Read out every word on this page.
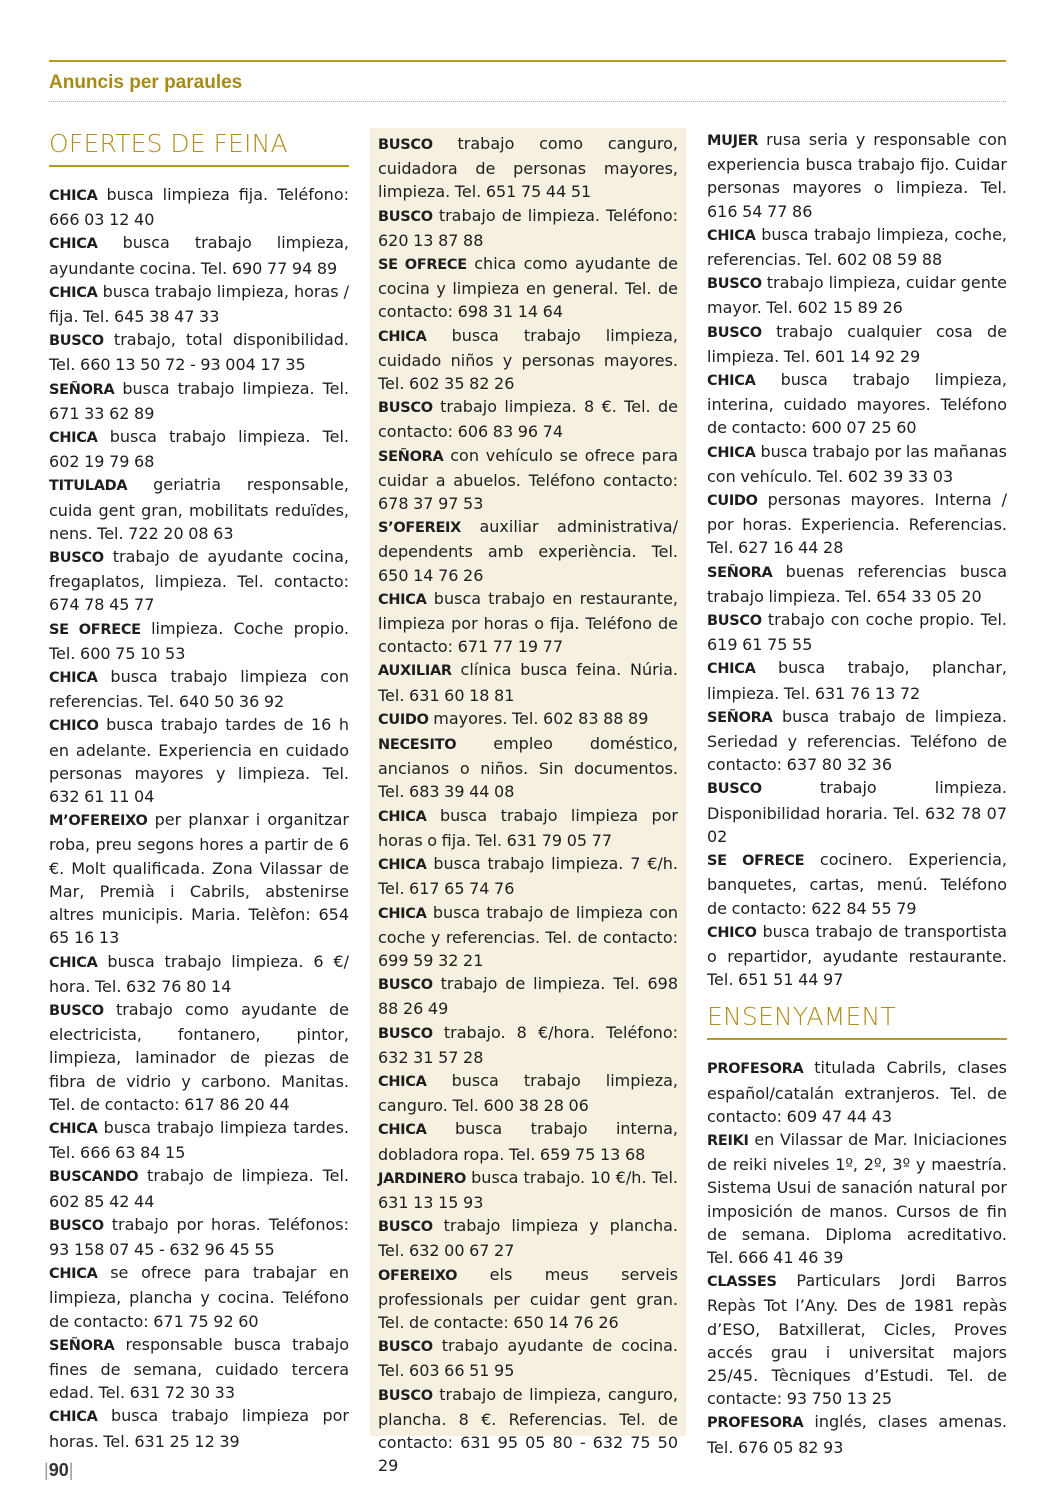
Anuncis per paraules
OFERTES DE FEINA

CHICA busca limpieza fija. Teléfono: 666 03 12 40

CHICA busca trabajo limpieza, ayundante cocina. Tel. 690 77 94 89

CHICA busca trabajo limpieza, horas / fija. Tel. 645 38 47 33

BUSCO trabajo, total disponibilidad. Tel. 660 13 50 72 - 93 004 17 35

SEÑORA busca trabajo limpieza. Tel. 671 33 62 89

CHICA busca trabajo limpieza. Tel. 602 19 79 68

TITULADA geriatria responsable, cuida gent gran, mobilitats reduïdes, nens. Tel. 722 20 08 63

BUSCO trabajo de ayudante cocina, fregaplatos, limpieza. Tel. contacto: 674 78 45 77

SE OFRECE limpieza. Coche propio. Tel. 600 75 10 53

CHICA busca trabajo limpieza con referencias. Tel. 640 50 36 92

CHICO busca trabajo tardes de 16 h en adelante. Experiencia en cuidado personas mayores y limpieza. Tel. 632 61 11 04

M’OFEREIXO per planxar i organitzar roba, preu segons hores a partir de 6 €. Molt qualificada. Zona Vilassar de Mar, Premià i Cabrils, abstenirse altres municipis. Maria. Telèfon: 654 65 16 13

CHICA busca trabajo limpieza. 6 €/ hora. Tel. 632 76 80 14

BUSCO trabajo como ayudante de electricista, fontanero, pintor, limpieza, laminador de piezas de fibra de vidrio y carbono. Manitas. Tel. de contacto: 617 86 20 44

CHICA busca trabajo limpieza tardes. Tel. 666 63 84 15

BUSCANDO trabajo de limpieza. Tel. 602 85 42 44

BUSCO trabajo por horas. Teléfonos: 93 158 07 45 - 632 96 45 55

CHICA se ofrece para trabajar en limpieza, plancha y cocina. Teléfono de contacto: 671 75 92 60

SEÑORA responsable busca trabajo fines de semana, cuidado tercera edad. Tel. 631 72 30 33

CHICA busca trabajo limpieza por horas. Tel. 631 25 12 39

BUSCO trabajo como canguro, cuidadora de personas mayores, limpieza. Tel. 651 75 44 51

BUSCO trabajo de limpieza. Teléfono: 620 13 87 88

SE OFRECE chica como ayudante de cocina y limpieza en general. Tel. de contacto: 698 31 14 64

CHICA busca trabajo limpieza, cuidado niños y personas mayores. Tel. 602 35 82 26

BUSCO trabajo limpieza. 8 €. Tel. de contacto: 606 83 96 74

SEÑORA con vehículo se ofrece para cuidar a abuelos. Teléfono contacto: 678 37 97 53

S’OFEREIX auxiliar administrativa/ dependents amb experiència. Tel. 650 14 76 26

CHICA busca trabajo en restaurante, limpieza por horas o fija. Teléfono de contacto: 671 77 19 77

AUXILIAR clínica busca feina. Núria. Tel. 631 60 18 81

CUIDO mayores. Tel. 602 83 88 89

NECESITO empleo doméstico, ancianos o niños. Sin documentos. Tel. 683 39 44 08

CHICA busca trabajo limpieza por horas o fija. Tel. 631 79 05 77

CHICA busca trabajo limpieza. 7 €/h. Tel. 617 65 74 76

CHICA busca trabajo de limpieza con coche y referencias. Tel. de contacto: 699 59 32 21

BUSCO trabajo de limpieza. Tel. 698 88 26 49

BUSCO trabajo. 8 €/hora. Teléfono: 632 31 57 28

CHICA busca trabajo limpieza, canguro. Tel. 600 38 28 06

CHICA busca trabajo interna, dobladora ropa. Tel. 659 75 13 68

JARDINERO busca trabajo. 10 €/h. Tel. 631 13 15 93

BUSCO trabajo limpieza y plancha. Tel. 632 00 67 27

OFEREIXO els meus serveis professionals per cuidar gent gran. Tel. de contacte: 650 14 76 26

BUSCO trabajo ayudante de cocina. Tel. 603 66 51 95

BUSCO trabajo de limpieza, canguro, plancha. 8 €. Referencias. Tel. de contacto: 631 95 05 80 - 632 75 50 29

MUJER rusa seria y responsable con experiencia busca trabajo fijo. Cuidar personas mayores o limpieza. Tel. 616 54 77 86

CHICA busca trabajo limpieza, coche, referencias. Tel. 602 08 59 88

BUSCO trabajo limpieza, cuidar gente mayor. Tel. 602 15 89 26

BUSCO trabajo cualquier cosa de limpieza. Tel. 601 14 92 29

CHICA busca trabajo limpieza, interina, cuidado mayores. Teléfono de contacto: 600 07 25 60

CHICA busca trabajo por las mañanas con vehículo. Tel. 602 39 33 03

CUIDO personas mayores. Interna / por horas. Experiencia. Referencias. Tel. 627 16 44 28

SEÑORA buenas referencias busca trabajo limpieza. Tel. 654 33 05 20

BUSCO trabajo con coche propio. Tel. 619 61 75 55

CHICA busca trabajo, planchar, limpieza. Tel. 631 76 13 72

SEÑORA busca trabajo de limpieza. Seriedad y referencias. Teléfono de contacto: 637 80 32 36

BUSCO trabajo limpieza. Disponibilidad horaria. Tel. 632 78 07 02

SE OFRECE cocinero. Experiencia, banquetes, cartas, menú. Teléfono de contacto: 622 84 55 79

CHICO busca trabajo de transportista o repartidor, ayudante restaurante. Tel. 651 51 44 97

ENSENYAMENT

PROFESORA titulada Cabrils, clases español/catalán extranjeros. Tel. de contacto: 609 47 44 43

REIKI en Vilassar de Mar. Iniciaciones de reiki niveles 1º, 2º, 3º y maestría. Sistema Usui de sanación natural por imposición de manos. Cursos de fin de semana. Diploma acreditativo. Tel. 666 41 46 39

CLASSES Particulars Jordi Barros Repàs Tot l’Any. Des de 1981 repàs d’ESO, Batxillerat, Cicles, Proves accés grau i universitat majors 25/45. Tècniques d’Estudi. Tel. de contacte: 93 750 13 25

PROFESORA inglés, clases amenas. Tel. 676 05 82 93

|90|
